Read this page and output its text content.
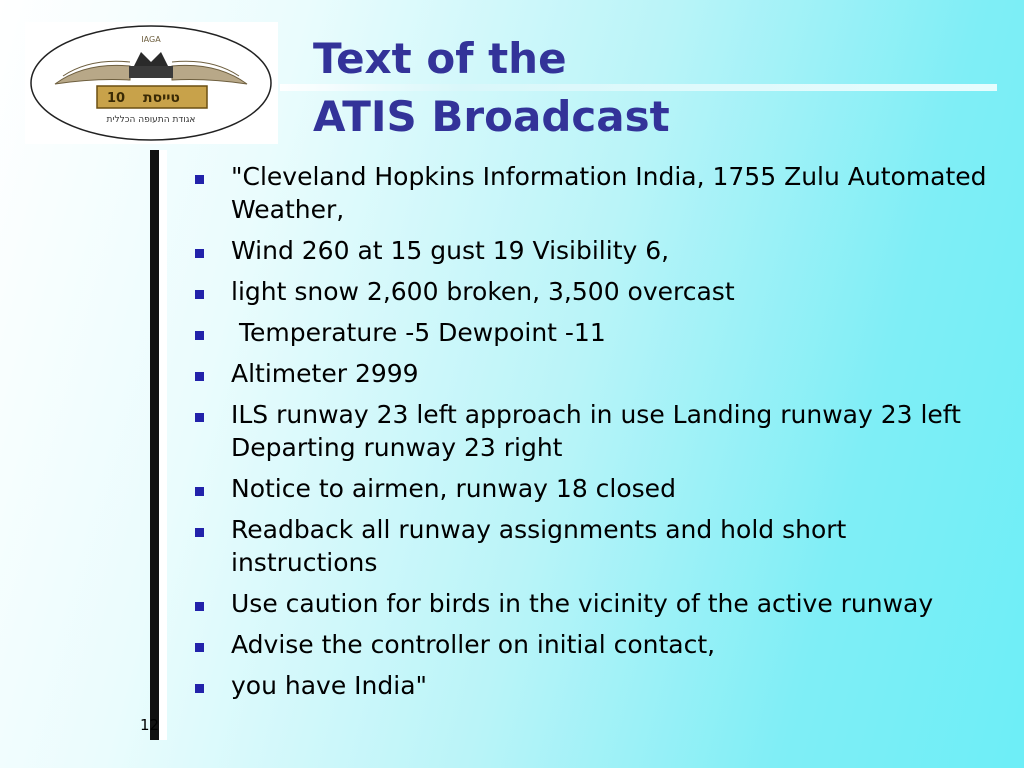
10 טייסת
IAGA
אגודת התעופה הכללית
Text of the
ATIS Broadcast
"Cleveland Hopkins Information India, 1755 Zulu Automated Weather,
Wind 260 at 15 gust 19 Visibility 6,
light snow 2,600 broken, 3,500 overcast
Temperature -5 Dewpoint -11
Altimeter 2999
ILS runway 23 left approach in use Landing runway 23 left Departing runway 23 right
Notice to airmen, runway 18 closed
Readback all runway assignments and hold short instructions
Use caution for birds in the vicinity of the active runway
Advise the controller on initial contact,
you have India"
12
